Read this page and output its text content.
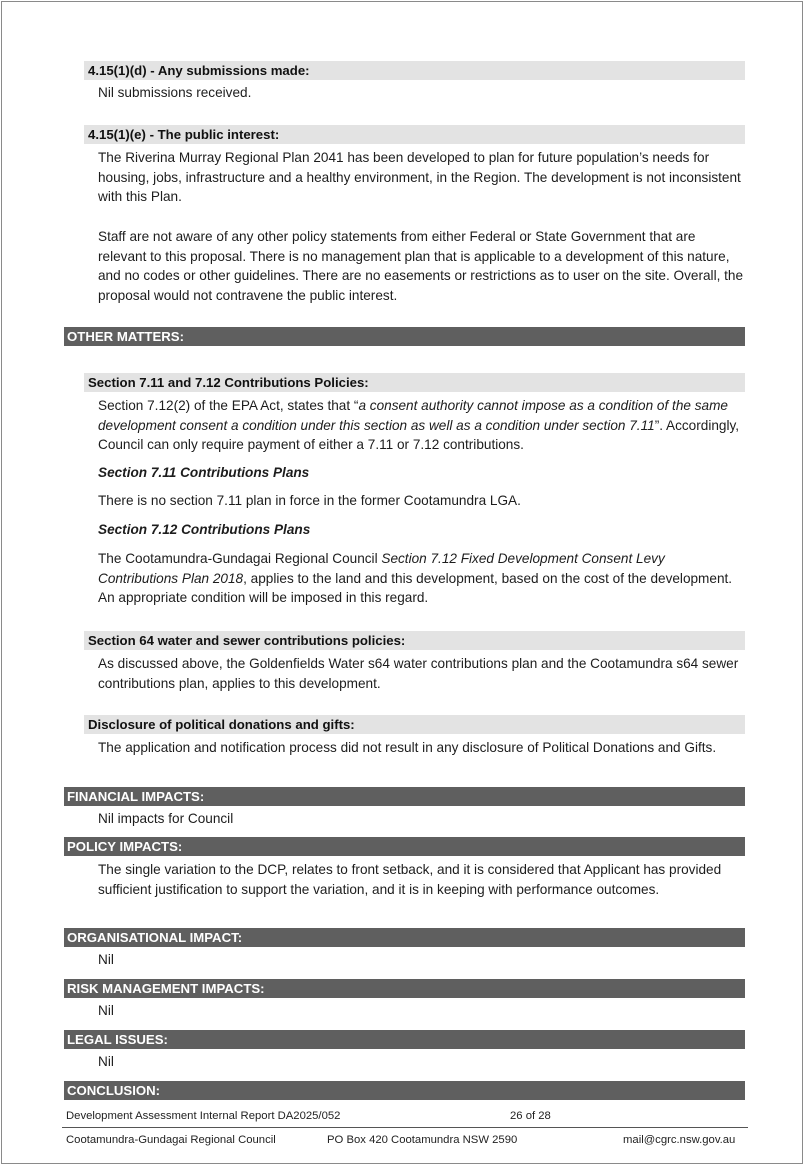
4.15(1)(d) - Any submissions made:
Nil submissions received.
4.15(1)(e) - The public interest:
The Riverina Murray Regional Plan 2041 has been developed to plan for future population’s needs for housing, jobs, infrastructure and a healthy environment, in the Region. The development is not inconsistent with this Plan.
Staff are not aware of any other policy statements from either Federal or State Government that are relevant to this proposal. There is no management plan that is applicable to a development of this nature, and no codes or other guidelines. There are no easements or restrictions as to user on the site. Overall, the proposal would not contravene the public interest.
OTHER MATTERS:
Section 7.11 and 7.12 Contributions Policies:
Section 7.12(2) of the EPA Act, states that “a consent authority cannot impose as a condition of the same development consent a condition under this section as well as a condition under section 7.11”. Accordingly, Council can only require payment of either a 7.11 or 7.12 contributions.
Section 7.11 Contributions Plans
There is no section 7.11 plan in force in the former Cootamundra LGA.
Section 7.12 Contributions Plans
The Cootamundra-Gundagai Regional Council Section 7.12 Fixed Development Consent Levy Contributions Plan 2018, applies to the land and this development, based on the cost of the development. An appropriate condition will be imposed in this regard.
Section 64 water and sewer contributions policies:
As discussed above, the Goldenfields Water s64 water contributions plan and the Cootamundra s64 sewer contributions plan, applies to this development.
Disclosure of political donations and gifts:
The application and notification process did not result in any disclosure of Political Donations and Gifts.
FINANCIAL IMPACTS:
Nil impacts for Council
POLICY IMPACTS:
The single variation to the DCP, relates to front setback, and it is considered that Applicant has provided sufficient justification to support the variation, and it is in keeping with performance outcomes.
ORGANISATIONAL IMPACT:
Nil
RISK MANAGEMENT IMPACTS:
Nil
LEGAL ISSUES:
Nil
CONCLUSION:
Development Assessment Internal Report DA2025/052	26 of 28
Cootamundra-Gundagai Regional Council	PO Box 420 Cootamundra NSW 2590	mail@cgrc.nsw.gov.au
